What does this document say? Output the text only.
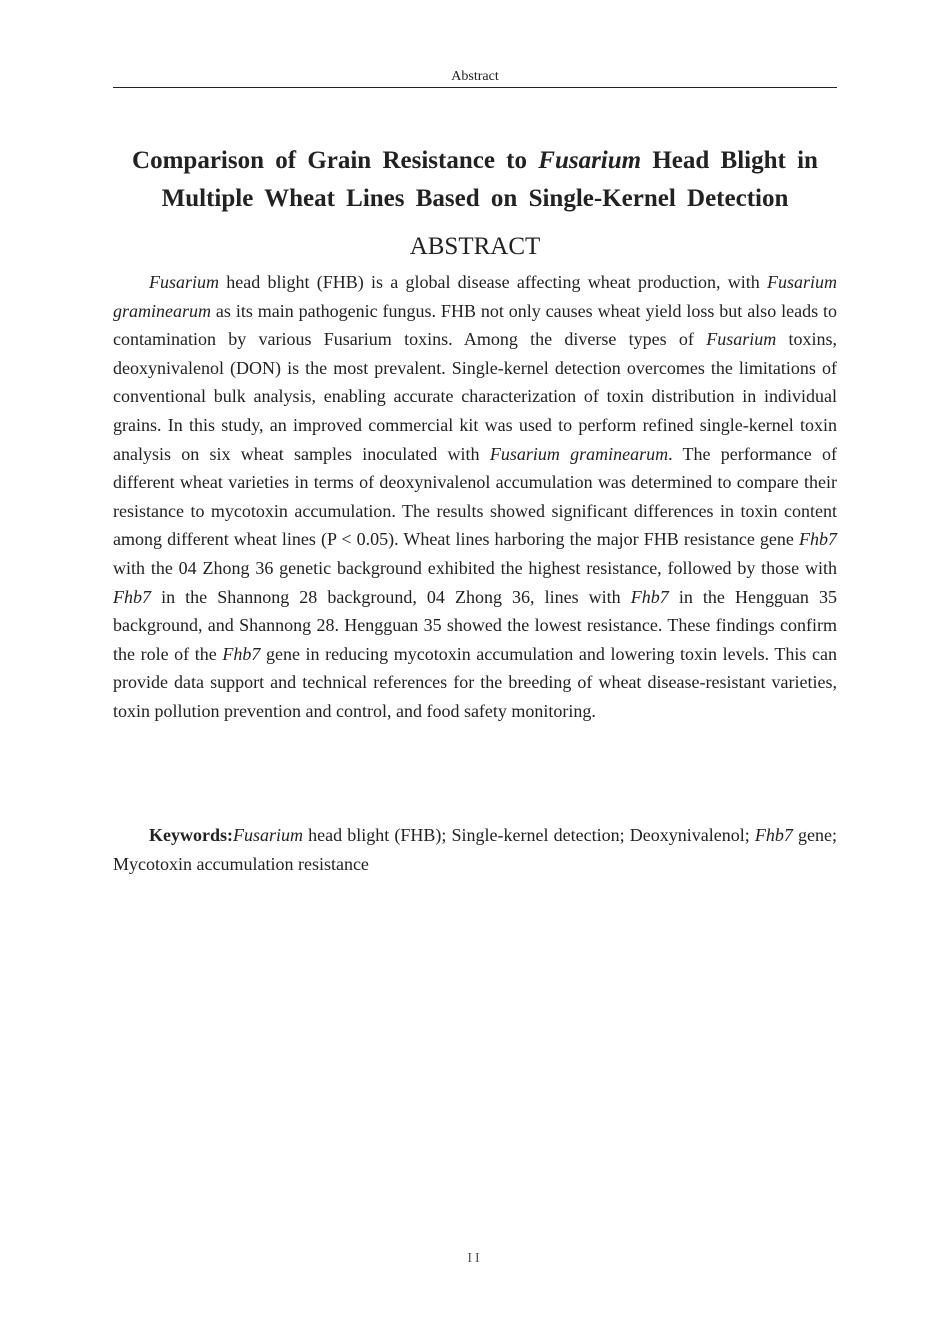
Abstract
Comparison of Grain Resistance to Fusarium Head Blight in Multiple Wheat Lines Based on Single-Kernel Detection
ABSTRACT

Fusarium head blight (FHB) is a global disease affecting wheat production, with Fusarium graminearum as its main pathogenic fungus. FHB not only causes wheat yield loss but also leads to contamination by various Fusarium toxins. Among the diverse types of Fusarium toxins, deoxynivalenol (DON) is the most prevalent. Single-kernel detection overcomes the limitations of conventional bulk analysis, enabling accurate characterization of toxin distribution in individual grains. In this study, an improved commercial kit was used to perform refined single-kernel toxin analysis on six wheat samples inoculated with Fusarium graminearum. The performance of different wheat varieties in terms of deoxynivalenol accumulation was determined to compare their resistance to mycotoxin accumulation. The results showed significant differences in toxin content among different wheat lines (P < 0.05). Wheat lines harboring the major FHB resistance gene Fhb7 with the 04 Zhong 36 genetic background exhibited the highest resistance, followed by those with Fhb7 in the Shannong 28 background, 04 Zhong 36, lines with Fhb7 in the Hengguan 35 background, and Shannong 28. Hengguan 35 showed the lowest resistance. These findings confirm the role of the Fhb7 gene in reducing mycotoxin accumulation and lowering toxin levels. This can provide data support and technical references for the breeding of wheat disease-resistant varieties, toxin pollution prevention and control, and food safety monitoring.

Keywords:Fusarium head blight (FHB); Single-kernel detection; Deoxynivalenol; Fhb7 gene; Mycotoxin accumulation resistance

II
